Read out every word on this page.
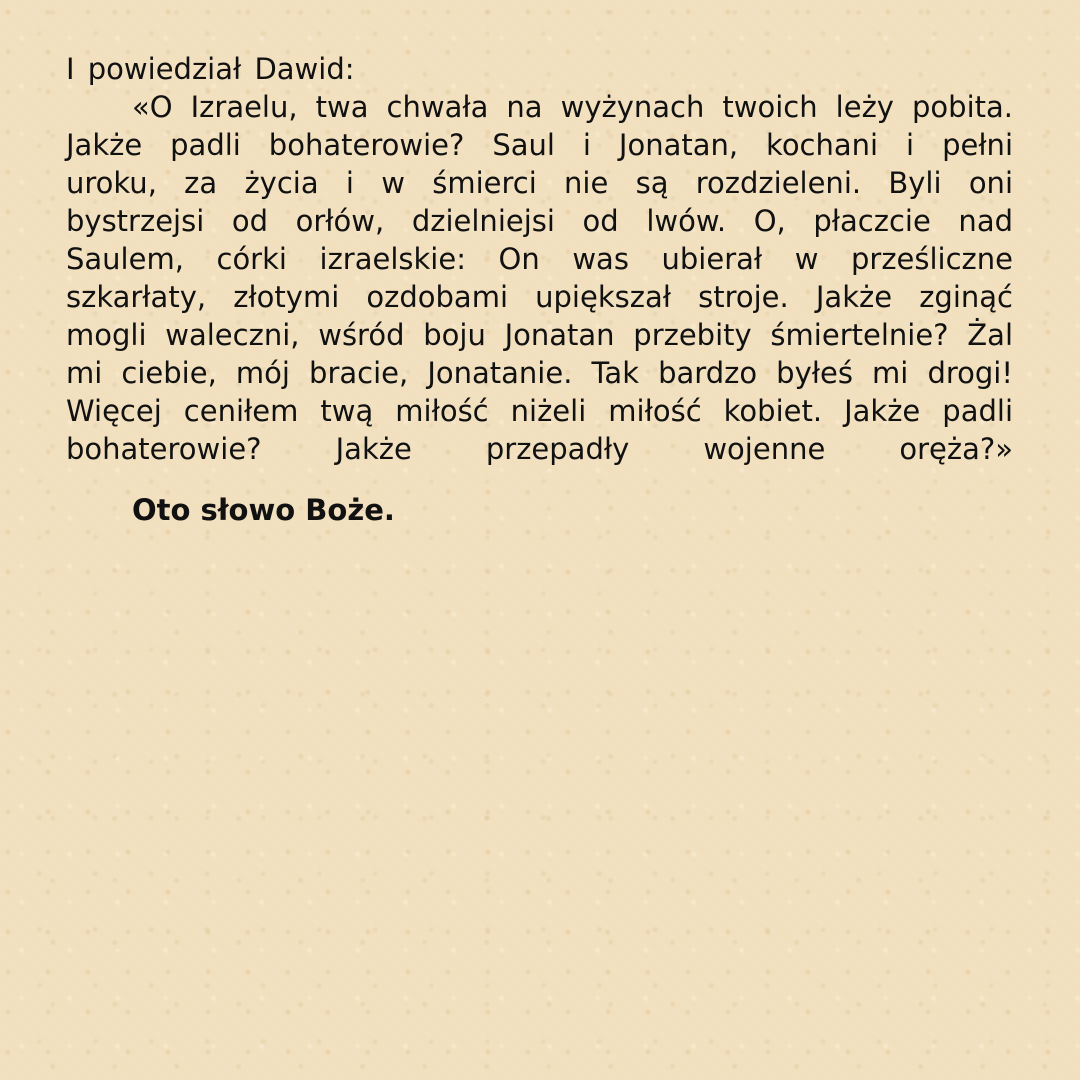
I powiedział Dawid:

«O Izraelu, twa chwała na wyżynach twoich leży pobita. Jakże padli bohaterowie? Saul i Jonatan, kochani i pełni uroku, za życia i w śmierci nie są rozdzieleni. Byli oni bystrzejsi od orłów, dzielniejsi od lwów. O, płaczcie nad Saulem, córki izraelskie: On was ubierał w prześliczne szkarłaty, złotymi ozdobami upiększał stroje. Jakże zginąć mogli waleczni, wśród boju Jonatan przebity śmiertelnie? Żal mi ciebie, mój bracie, Jonatanie. Tak bardzo byłeś mi drogi! Więcej ceniłem twą miłość niżeli miłość kobiet. Jakże padli bohaterowie? Jakże przepadły wojenne oręża?»

Oto słowo Boże.
